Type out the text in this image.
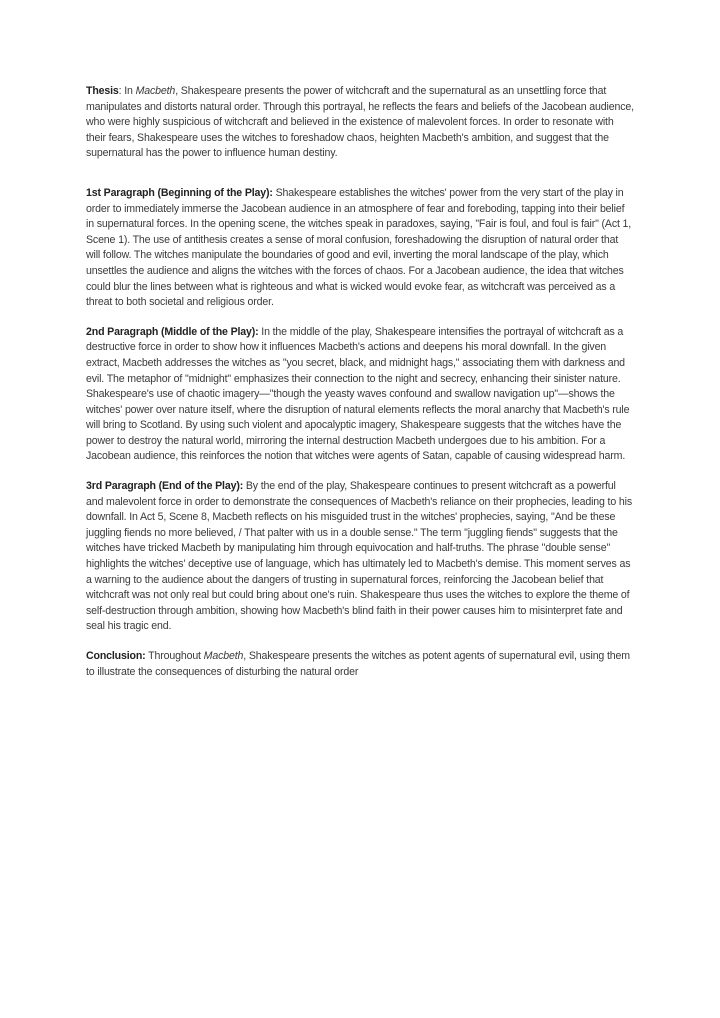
Thesis: In Macbeth, Shakespeare presents the power of witchcraft and the supernatural as an unsettling force that manipulates and distorts natural order. Through this portrayal, he reflects the fears and beliefs of the Jacobean audience, who were highly suspicious of witchcraft and believed in the existence of malevolent forces. In order to resonate with their fears, Shakespeare uses the witches to foreshadow chaos, heighten Macbeth's ambition, and suggest that the supernatural has the power to influence human destiny.

1st Paragraph (Beginning of the Play): Shakespeare establishes the witches' power from the very start of the play in order to immediately immerse the Jacobean audience in an atmosphere of fear and foreboding, tapping into their belief in supernatural forces. In the opening scene, the witches speak in paradoxes, saying, "Fair is foul, and foul is fair" (Act 1, Scene 1). The use of antithesis creates a sense of moral confusion, foreshadowing the disruption of natural order that will follow. The witches manipulate the boundaries of good and evil, inverting the moral landscape of the play, which unsettles the audience and aligns the witches with the forces of chaos. For a Jacobean audience, the idea that witches could blur the lines between what is righteous and what is wicked would evoke fear, as witchcraft was perceived as a threat to both societal and religious order.

2nd Paragraph (Middle of the Play): In the middle of the play, Shakespeare intensifies the portrayal of witchcraft as a destructive force in order to show how it influences Macbeth's actions and deepens his moral downfall. In the given extract, Macbeth addresses the witches as "you secret, black, and midnight hags," associating them with darkness and evil. The metaphor of "midnight" emphasizes their connection to the night and secrecy, enhancing their sinister nature. Shakespeare's use of chaotic imagery—"though the yeasty waves confound and swallow navigation up"—shows the witches' power over nature itself, where the disruption of natural elements reflects the moral anarchy that Macbeth's rule will bring to Scotland. By using such violent and apocalyptic imagery, Shakespeare suggests that the witches have the power to destroy the natural world, mirroring the internal destruction Macbeth undergoes due to his ambition. For a Jacobean audience, this reinforces the notion that witches were agents of Satan, capable of causing widespread harm.

3rd Paragraph (End of the Play): By the end of the play, Shakespeare continues to present witchcraft as a powerful and malevolent force in order to demonstrate the consequences of Macbeth's reliance on their prophecies, leading to his downfall. In Act 5, Scene 8, Macbeth reflects on his misguided trust in the witches' prophecies, saying, "And be these juggling fiends no more believed, / That palter with us in a double sense." The term "juggling fiends" suggests that the witches have tricked Macbeth by manipulating him through equivocation and half-truths. The phrase "double sense" highlights the witches' deceptive use of language, which has ultimately led to Macbeth's demise. This moment serves as a warning to the audience about the dangers of trusting in supernatural forces, reinforcing the Jacobean belief that witchcraft was not only real but could bring about one's ruin. Shakespeare thus uses the witches to explore the theme of self-destruction through ambition, showing how Macbeth's blind faith in their power causes him to misinterpret fate and seal his tragic end.

Conclusion: Throughout Macbeth, Shakespeare presents the witches as potent agents of supernatural evil, using them to illustrate the consequences of disturbing the natural order
